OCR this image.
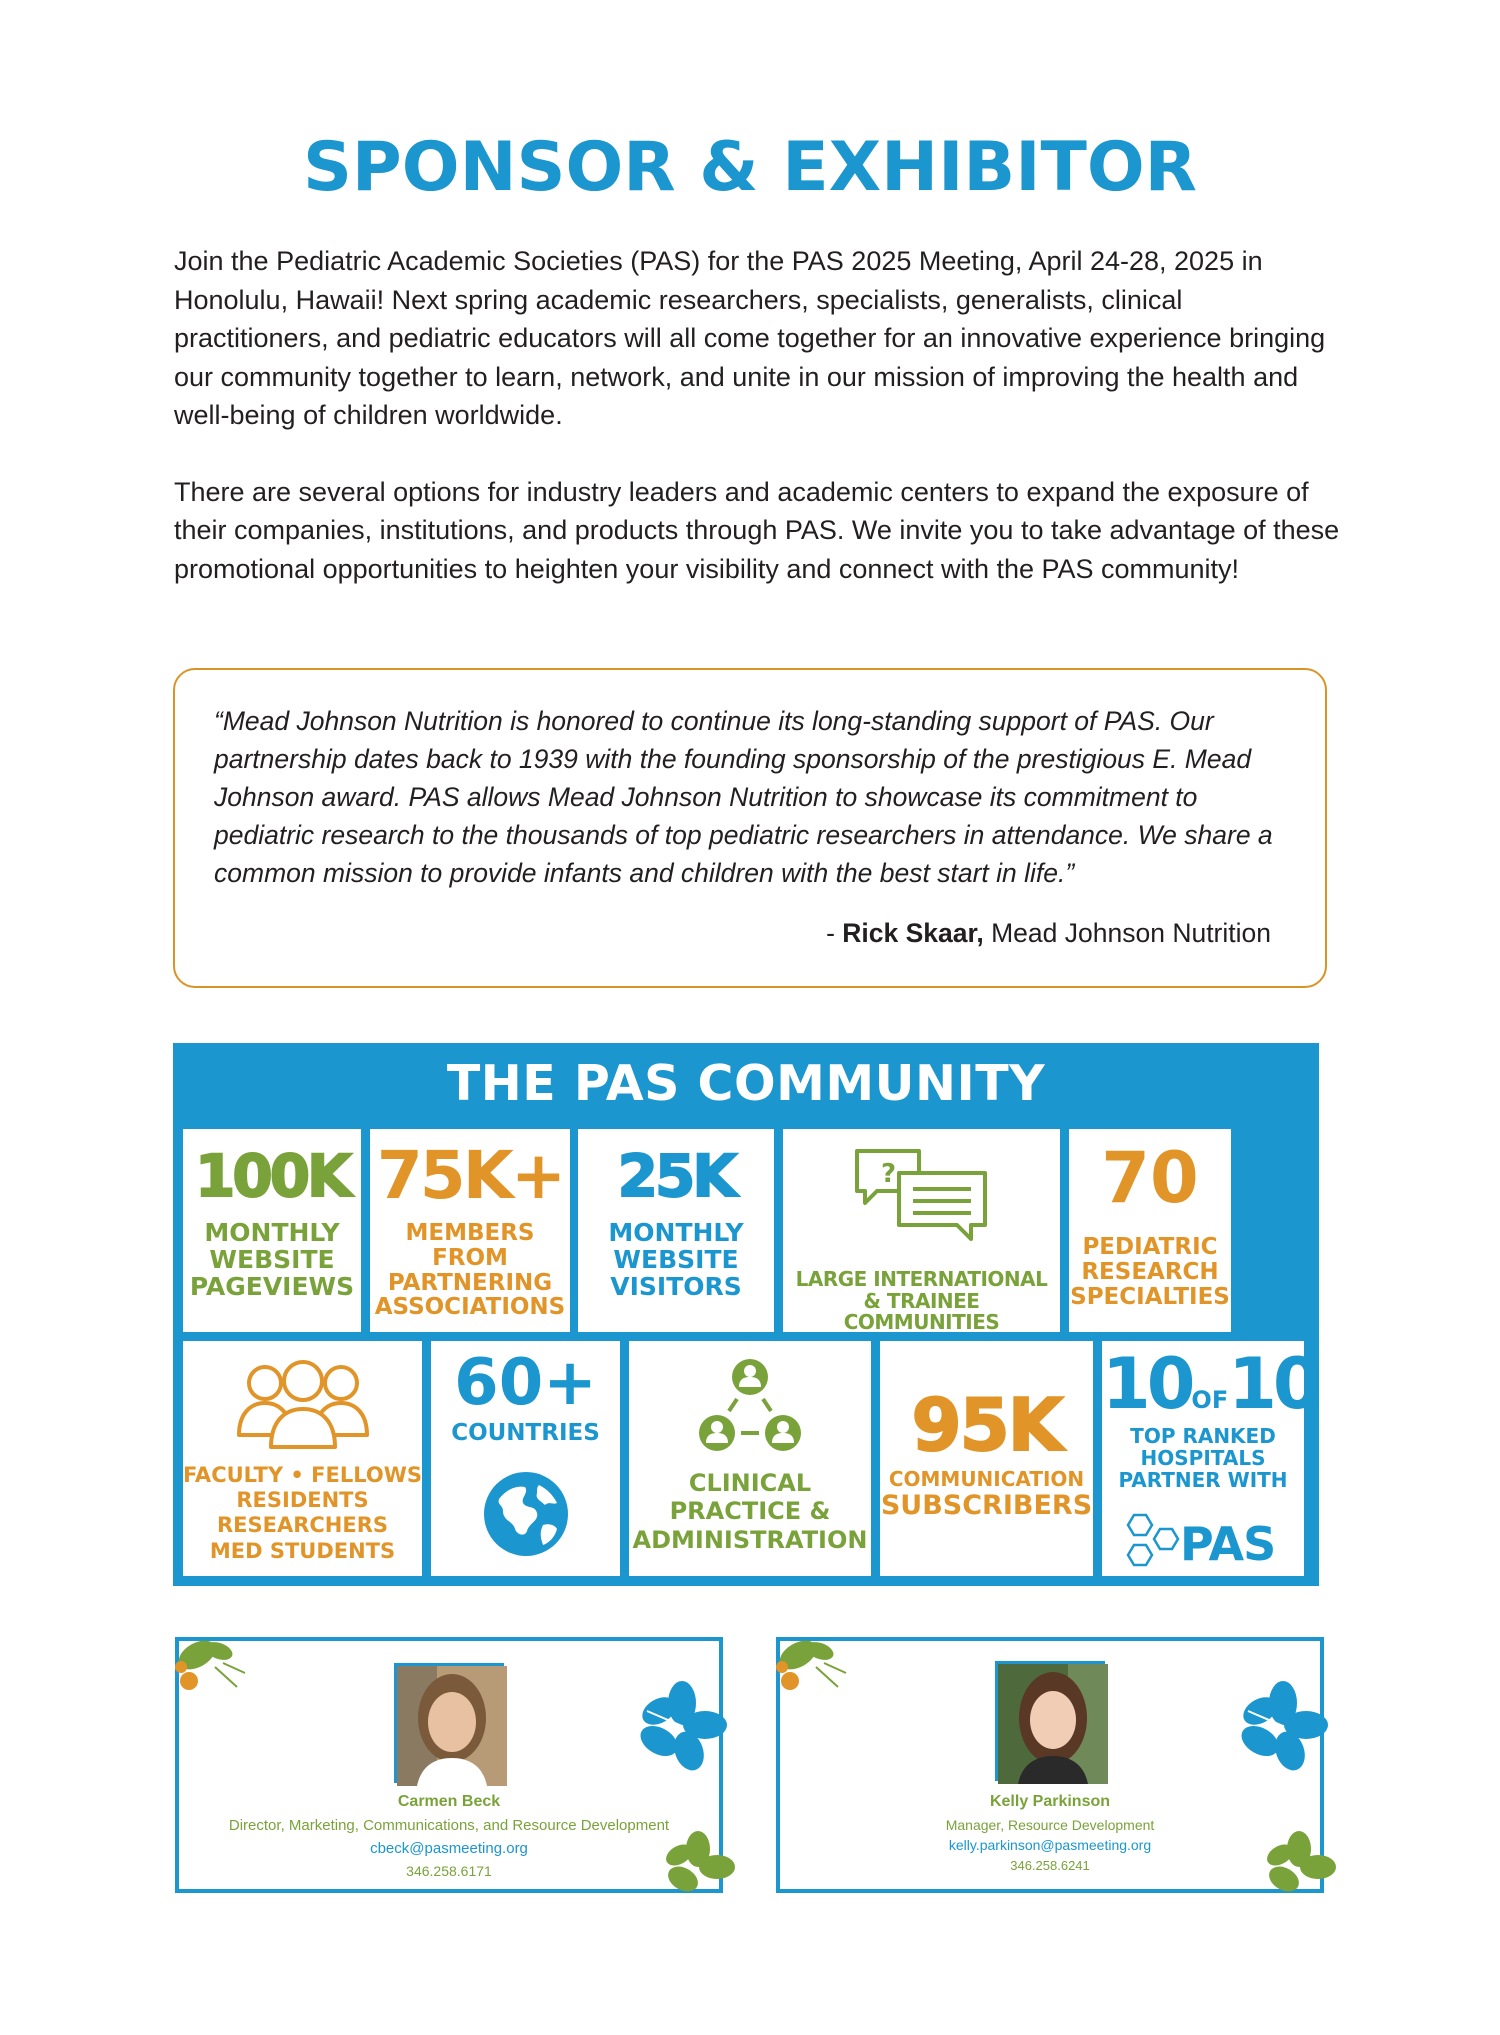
SPONSOR & EXHIBITOR

Join the Pediatric Academic Societies (PAS) for the PAS 2025 Meeting, April 24-28, 2025 in Honolulu, Hawaii! Next spring academic researchers, specialists, generalists, clinical practitioners, and pediatric educators will all come together for an innovative experience bringing our community together to learn, network, and unite in our mission of improving the health and well-being of children worldwide.

There are several options for industry leaders and academic centers to expand the exposure of their companies, institutions, and products through PAS. We invite you to take advantage of these promotional opportunities to heighten your visibility and connect with the PAS community!

“Mead Johnson Nutrition is honored to continue its long-standing support of PAS. Our partnership dates back to 1939 with the founding sponsorship of the prestigious E. Mead Johnson award. PAS allows Mead Johnson Nutrition to showcase its commitment to pediatric research to the thousands of top pediatric researchers in attendance. We share a common mission to provide infants and children with the best start in life.”
- Rick Skaar, Mead Johnson Nutrition
THE PAS COMMUNITY
100K
MONTHLY
WEBSITE
PAGEVIEWS
75K+
MEMBERS FROM
PARTNERING
ASSOCIATIONS
25K
MONTHLY
WEBSITE
VISITORS
?
LARGE INTERNATIONAL
& TRAINEE COMMUNITIES
70
PEDIATRIC
RESEARCH
SPECIALTIES
FACULTY • FELLOWS
RESIDENTS
RESEARCHERS
MED STUDENTS
60+
COUNTRIES
CLINICAL
PRACTICE &
ADMINISTRATION
95K
COMMUNICATION
SUBSCRIBERS
10OF10
TOP RANKED
HOSPITALS
PARTNER WITH
PAS
Carmen Beck
Director, Marketing, Communications, and Resource Development
cbeck@pasmeeting.org
346.258.6171
Kelly Parkinson
Manager, Resource Development
kelly.parkinson@pasmeeting.org
346.258.6241
